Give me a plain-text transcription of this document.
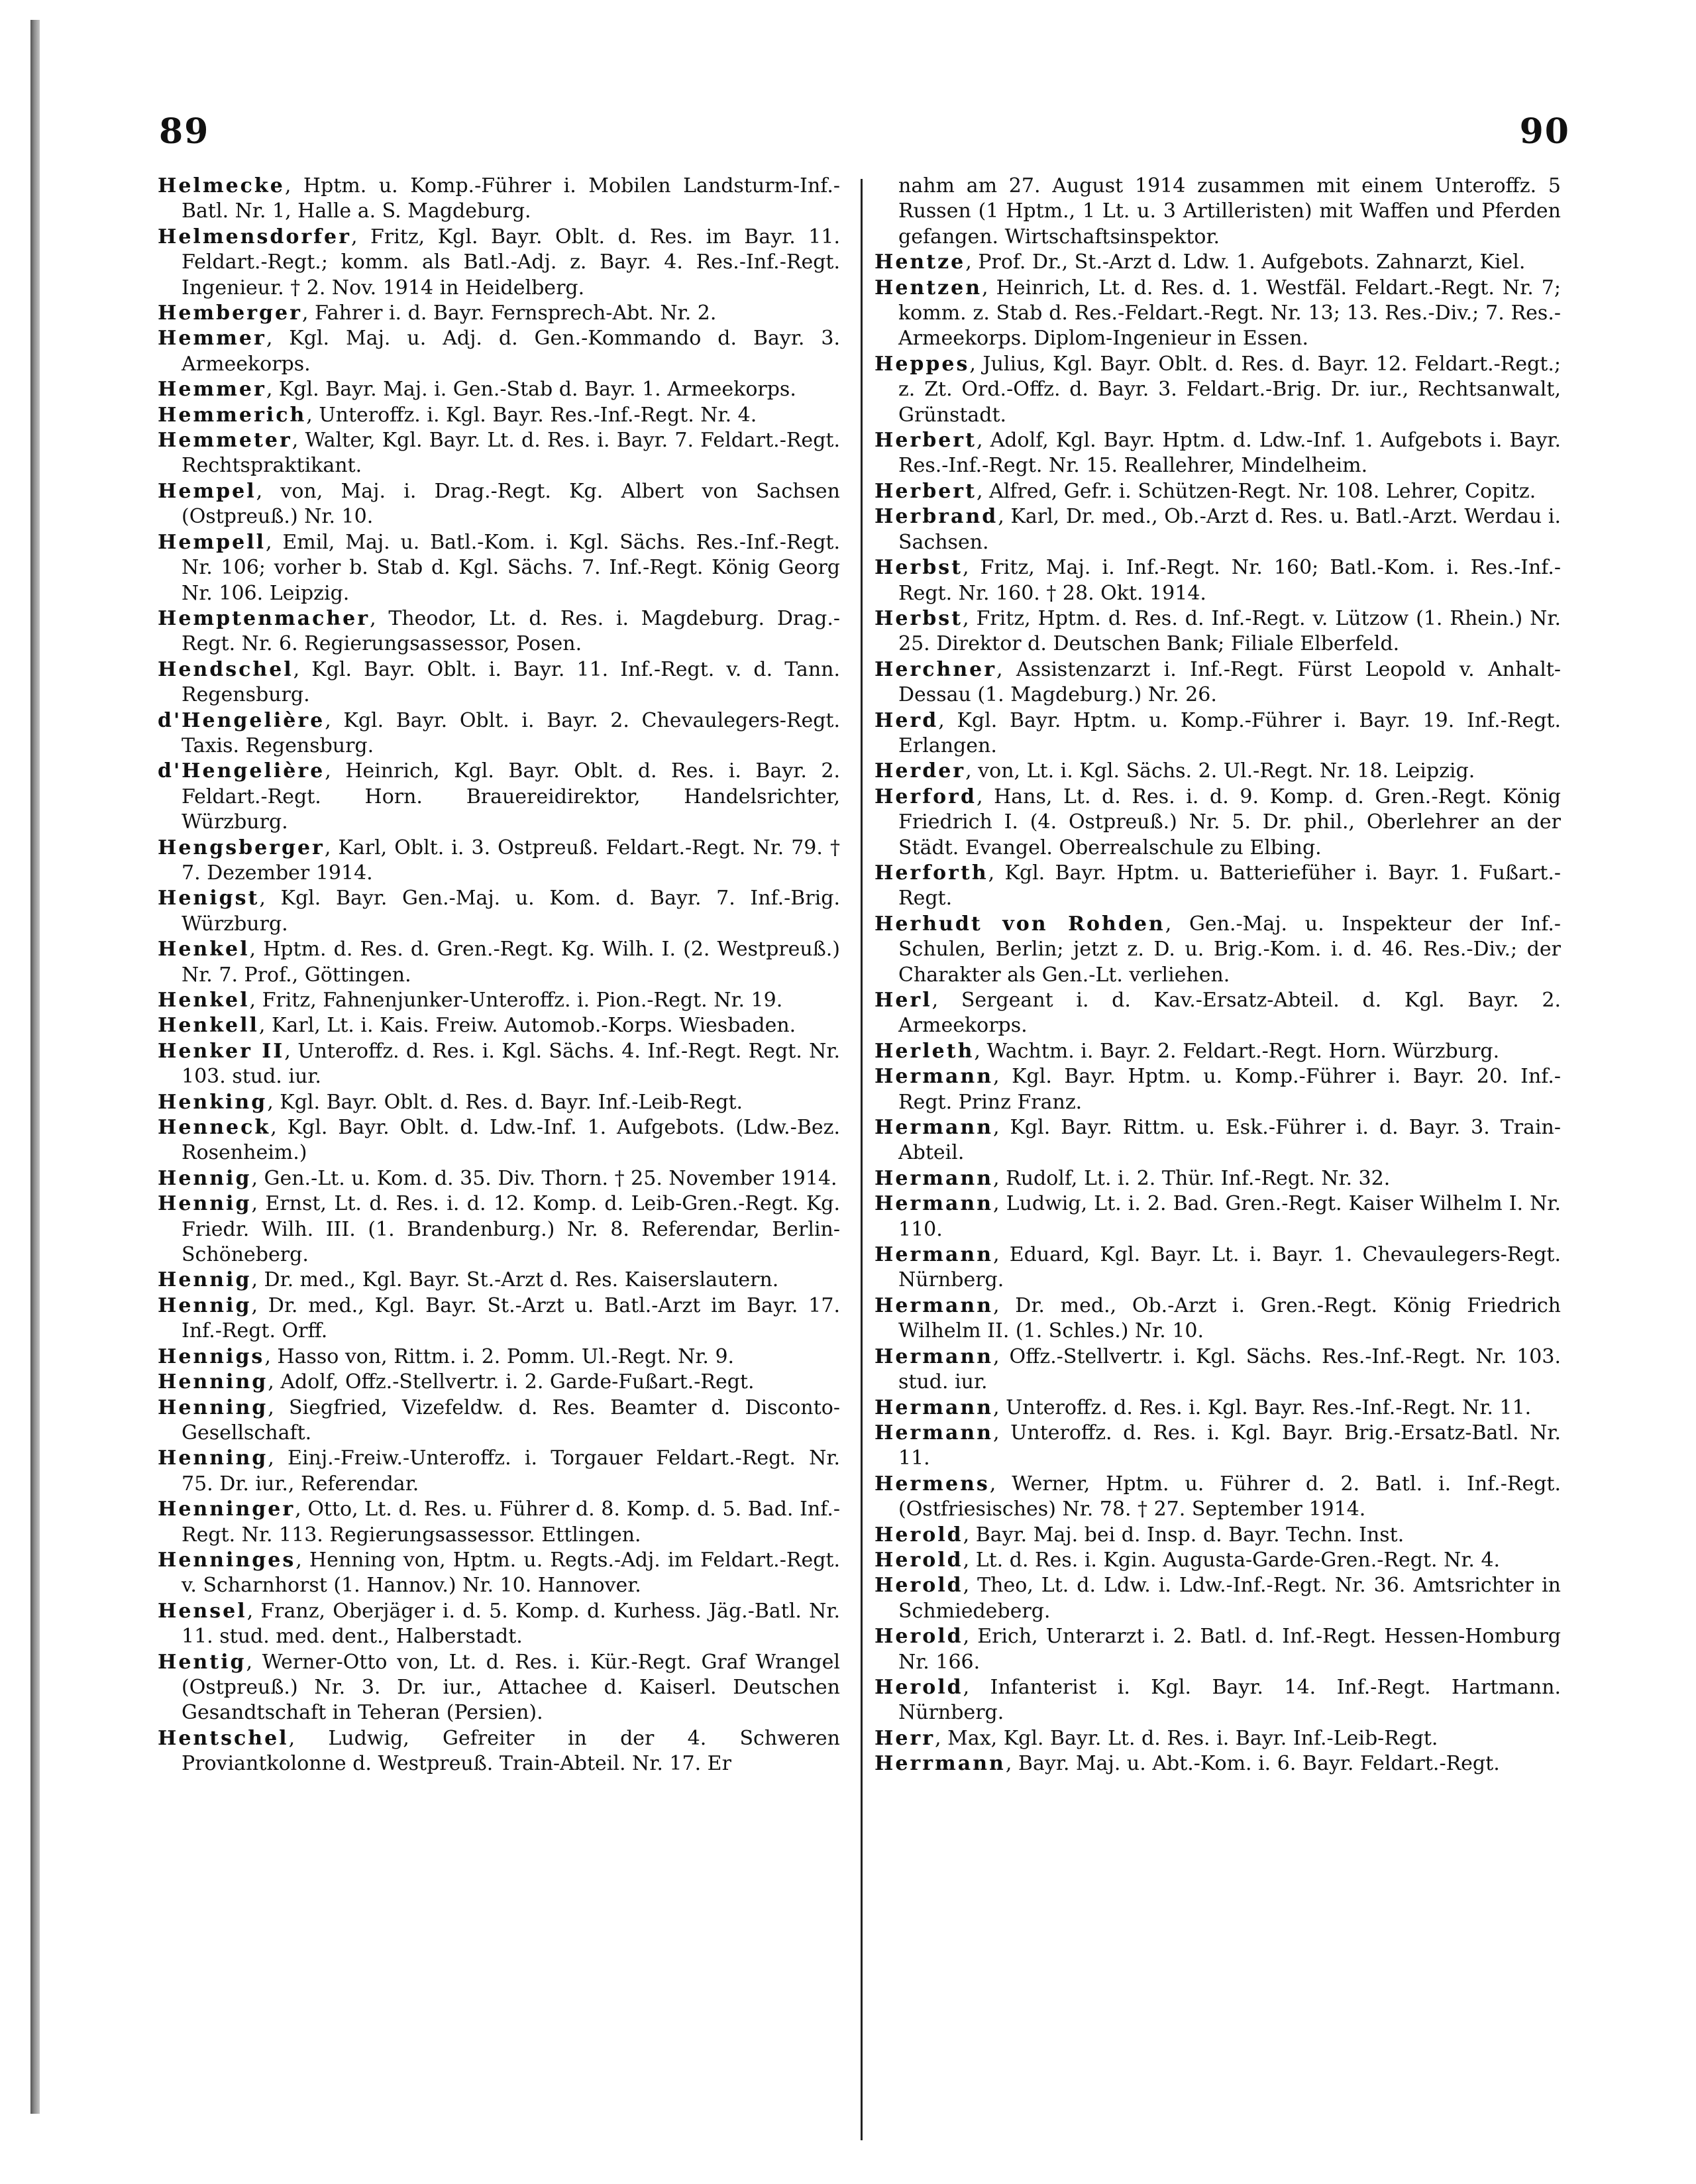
89	90

Helmecke, Hptm. u. Komp.-Führer i. Mobilen Landsturm-Inf.-Batl. Nr. 1, Halle a. S. Magdeburg.

Helmensdorfer, Fritz, Kgl. Bayr. Oblt. d. Res. im Bayr. 11. Feldart.-Regt.; komm. als Batl.-Adj. z. Bayr. 4. Res.-Inf.-Regt. Ingenieur. † 2. Nov. 1914 in Heidelberg.

Hemberger, Fahrer i. d. Bayr. Fernsprech-Abt. Nr. 2.

Hemmer, Kgl. Maj. u. Adj. d. Gen.-Kommando d. Bayr. 3. Armeekorps.

Hemmer, Kgl. Bayr. Maj. i. Gen.-Stab d. Bayr. 1. Armeekorps.

Hemmerich, Unteroffz. i. Kgl. Bayr. Res.-Inf.-Regt. Nr. 4.

Hemmeter, Walter, Kgl. Bayr. Lt. d. Res. i. Bayr. 7. Feldart.-Regt. Rechtspraktikant.

Hempel, von, Maj. i. Drag.-Regt. Kg. Albert von Sachsen (Ostpreuß.) Nr. 10.

Hempell, Emil, Maj. u. Batl.-Kom. i. Kgl. Sächs. Res.-Inf.-Regt. Nr. 106; vorher b. Stab d. Kgl. Sächs. 7. Inf.-Regt. König Georg Nr. 106. Leipzig.

Hemptenmacher, Theodor, Lt. d. Res. i. Magdeburg. Drag.-Regt. Nr. 6. Regierungsassessor, Posen.

Hendschel, Kgl. Bayr. Oblt. i. Bayr. 11. Inf.-Regt. v. d. Tann. Regensburg.

d'Hengelière, Kgl. Bayr. Oblt. i. Bayr. 2. Chevaulegers-Regt. Taxis. Regensburg.

d'Hengelière, Heinrich, Kgl. Bayr. Oblt. d. Res. i. Bayr. 2. Feldart.-Regt. Horn. Brauereidirektor, Handelsrichter, Würzburg.

Hengsberger, Karl, Oblt. i. 3. Ostpreuß. Feldart.-Regt. Nr. 79. † 7. Dezember 1914.

Henigst, Kgl. Bayr. Gen.-Maj. u. Kom. d. Bayr. 7. Inf.-Brig. Würzburg.

Henkel, Hptm. d. Res. d. Gren.-Regt. Kg. Wilh. I. (2. Westpreuß.) Nr. 7. Prof., Göttingen.

Henkel, Fritz, Fahnenjunker-Unteroffz. i. Pion.-Regt. Nr. 19.

Henkell, Karl, Lt. i. Kais. Freiw. Automob.-Korps. Wiesbaden.

Henker II, Unteroffz. d. Res. i. Kgl. Sächs. 4. Inf.-Regt. Regt. Nr. 103. stud. iur.

Henking, Kgl. Bayr. Oblt. d. Res. d. Bayr. Inf.-Leib-Regt.

Henneck, Kgl. Bayr. Oblt. d. Ldw.-Inf. 1. Aufgebots. (Ldw.-Bez. Rosenheim.)

Hennig, Gen.-Lt. u. Kom. d. 35. Div. Thorn. † 25. November 1914.

Hennig, Ernst, Lt. d. Res. i. d. 12. Komp. d. Leib-Gren.-Regt. Kg. Friedr. Wilh. III. (1. Brandenburg.) Nr. 8. Referendar, Berlin-Schöneberg.

Hennig, Dr. med., Kgl. Bayr. St.-Arzt d. Res. Kaiserslautern.

Hennig, Dr. med., Kgl. Bayr. St.-Arzt u. Batl.-Arzt im Bayr. 17. Inf.-Regt. Orff.

Hennigs, Hasso von, Rittm. i. 2. Pomm. Ul.-Regt. Nr. 9.

Henning, Adolf, Offz.-Stellvertr. i. 2. Garde-Fußart.-Regt.

Henning, Siegfried, Vizefeldw. d. Res. Beamter d. Disconto-Gesellschaft.

Henning, Einj.-Freiw.-Unteroffz. i. Torgauer Feldart.-Regt. Nr. 75. Dr. iur., Referendar.

Henninger, Otto, Lt. d. Res. u. Führer d. 8. Komp. d. 5. Bad. Inf.-Regt. Nr. 113. Regierungsassessor. Ettlingen.

Henninges, Henning von, Hptm. u. Regts.-Adj. im Feldart.-Regt. v. Scharnhorst (1. Hannov.) Nr. 10. Hannover.

Hensel, Franz, Oberjäger i. d. 5. Komp. d. Kurhess. Jäg.-Batl. Nr. 11. stud. med. dent., Halberstadt.

Hentig, Werner-Otto von, Lt. d. Res. i. Kür.-Regt. Graf Wrangel (Ostpreuß.) Nr. 3. Dr. iur., Attachee d. Kaiserl. Deutschen Gesandtschaft in Teheran (Persien).

Hentschel, Ludwig, Gefreiter in der 4. Schweren Proviantkolonne d. Westpreuß. Train-Abteil. Nr. 17. Er

nahm am 27. August 1914 zusammen mit einem Unteroffz. 5 Russen (1 Hptm., 1 Lt. u. 3 Artilleristen) mit Waffen und Pferden gefangen. Wirtschaftsinspektor.

Hentze, Prof. Dr., St.-Arzt d. Ldw. 1. Aufgebots. Zahnarzt, Kiel.

Hentzen, Heinrich, Lt. d. Res. d. 1. Westfäl. Feldart.-Regt. Nr. 7; komm. z. Stab d. Res.-Feldart.-Regt. Nr. 13; 13. Res.-Div.; 7. Res.-Armeekorps. Diplom-Ingenieur in Essen.

Heppes, Julius, Kgl. Bayr. Oblt. d. Res. d. Bayr. 12. Feldart.-Regt.; z. Zt. Ord.-Offz. d. Bayr. 3. Feldart.-Brig. Dr. iur., Rechtsanwalt, Grünstadt.

Herbert, Adolf, Kgl. Bayr. Hptm. d. Ldw.-Inf. 1. Aufgebots i. Bayr. Res.-Inf.-Regt. Nr. 15. Reallehrer, Mindelheim.

Herbert, Alfred, Gefr. i. Schützen-Regt. Nr. 108. Lehrer, Copitz.

Herbrand, Karl, Dr. med., Ob.-Arzt d. Res. u. Batl.-Arzt. Werdau i. Sachsen.

Herbst, Fritz, Maj. i. Inf.-Regt. Nr. 160; Batl.-Kom. i. Res.-Inf.-Regt. Nr. 160. † 28. Okt. 1914.

Herbst, Fritz, Hptm. d. Res. d. Inf.-Regt. v. Lützow (1. Rhein.) Nr. 25. Direktor d. Deutschen Bank; Filiale Elberfeld.

Herchner, Assistenzarzt i. Inf.-Regt. Fürst Leopold v. Anhalt-Dessau (1. Magdeburg.) Nr. 26.

Herd, Kgl. Bayr. Hptm. u. Komp.-Führer i. Bayr. 19. Inf.-Regt. Erlangen.

Herder, von, Lt. i. Kgl. Sächs. 2. Ul.-Regt. Nr. 18. Leipzig.

Herford, Hans, Lt. d. Res. i. d. 9. Komp. d. Gren.-Regt. König Friedrich I. (4. Ostpreuß.) Nr. 5. Dr. phil., Oberlehrer an der Städt. Evangel. Oberrealschule zu Elbing.

Herforth, Kgl. Bayr. Hptm. u. Batteriefüher i. Bayr. 1. Fußart.-Regt.

Herhudt von Rohden, Gen.-Maj. u. Inspekteur der Inf.-Schulen, Berlin; jetzt z. D. u. Brig.-Kom. i. d. 46. Res.-Div.; der Charakter als Gen.-Lt. verliehen.

Herl, Sergeant i. d. Kav.-Ersatz-Abteil. d. Kgl. Bayr. 2. Armeekorps.

Herleth, Wachtm. i. Bayr. 2. Feldart.-Regt. Horn. Würzburg.

Hermann, Kgl. Bayr. Hptm. u. Komp.-Führer i. Bayr. 20. Inf.-Regt. Prinz Franz.

Hermann, Kgl. Bayr. Rittm. u. Esk.-Führer i. d. Bayr. 3. Train-Abteil.

Hermann, Rudolf, Lt. i. 2. Thür. Inf.-Regt. Nr. 32.

Hermann, Ludwig, Lt. i. 2. Bad. Gren.-Regt. Kaiser Wilhelm I. Nr. 110.

Hermann, Eduard, Kgl. Bayr. Lt. i. Bayr. 1. Chevaulegers-Regt. Nürnberg.

Hermann, Dr. med., Ob.-Arzt i. Gren.-Regt. König Friedrich Wilhelm II. (1. Schles.) Nr. 10.

Hermann, Offz.-Stellvertr. i. Kgl. Sächs. Res.-Inf.-Regt. Nr. 103. stud. iur.

Hermann, Unteroffz. d. Res. i. Kgl. Bayr. Res.-Inf.-Regt. Nr. 11.

Hermann, Unteroffz. d. Res. i. Kgl. Bayr. Brig.-Ersatz-Batl. Nr. 11.

Hermens, Werner, Hptm. u. Führer d. 2. Batl. i. Inf.-Regt. (Ostfriesisches) Nr. 78. † 27. September 1914.

Herold, Bayr. Maj. bei d. Insp. d. Bayr. Techn. Inst.

Herold, Lt. d. Res. i. Kgin. Augusta-Garde-Gren.-Regt. Nr. 4.

Herold, Theo, Lt. d. Ldw. i. Ldw.-Inf.-Regt. Nr. 36. Amtsrichter in Schmiedeberg.

Herold, Erich, Unterarzt i. 2. Batl. d. Inf.-Regt. Hessen-Homburg Nr. 166.

Herold, Infanterist i. Kgl. Bayr. 14. Inf.-Regt. Hartmann. Nürnberg.

Herr, Max, Kgl. Bayr. Lt. d. Res. i. Bayr. Inf.-Leib-Regt.

Herrmann, Bayr. Maj. u. Abt.-Kom. i. 6. Bayr. Feldart.-Regt.
